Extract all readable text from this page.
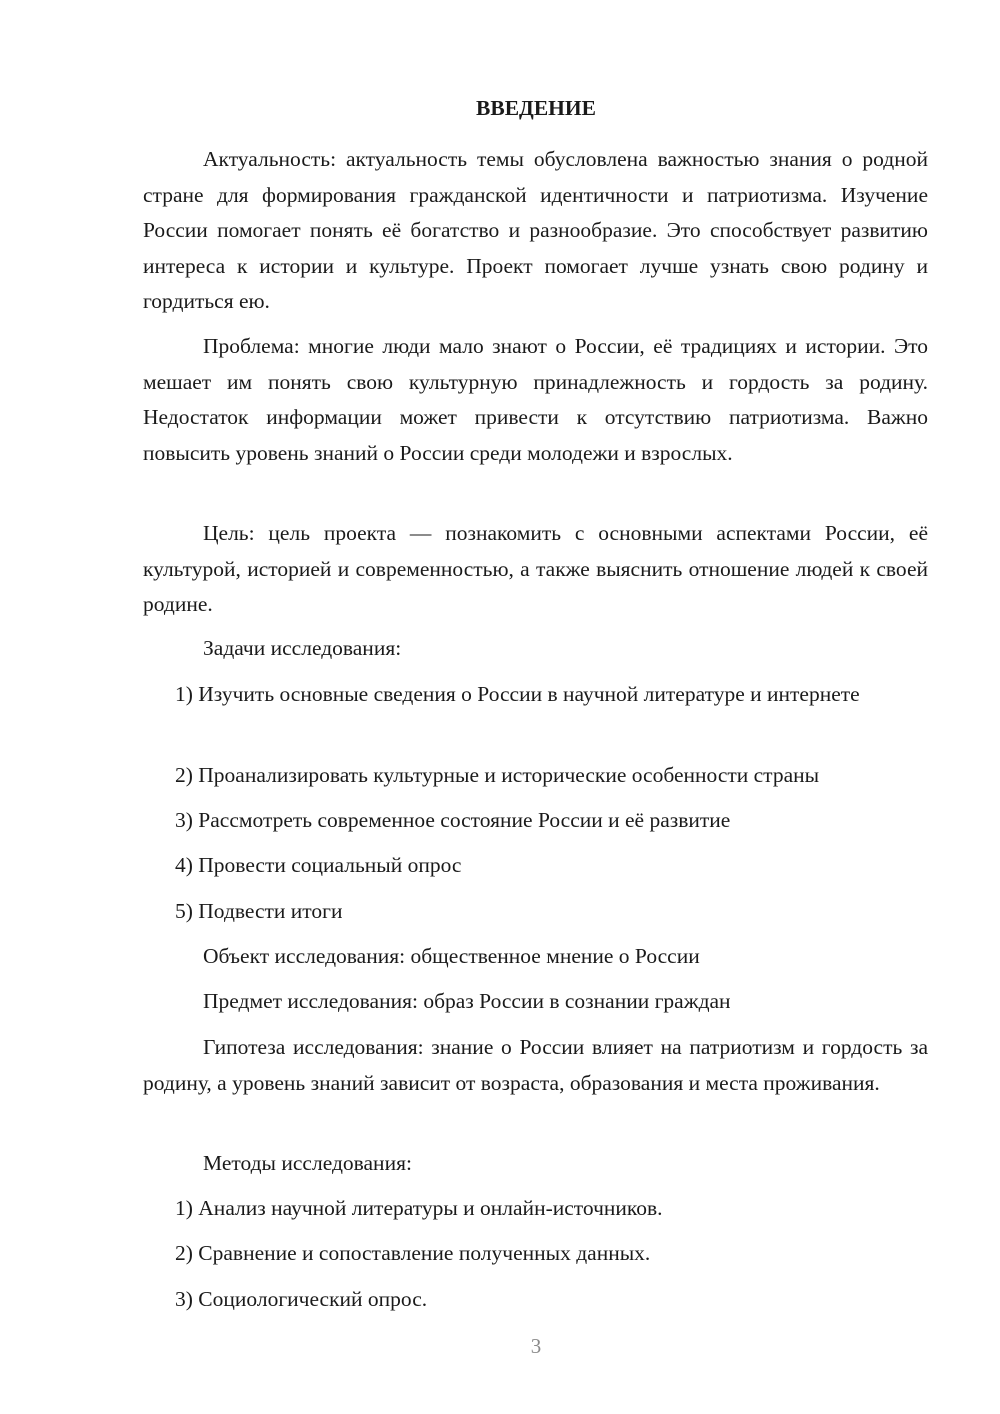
ВВЕДЕНИЕ

Актуальность: актуальность темы обусловлена важностью знания о родной стране для формирования гражданской идентичности и патриотизма. Изучение России помогает понять её богатство и разнообразие. Это способствует развитию интереса к истории и культуре. Проект помогает лучше узнать свою родину и гордиться ею.

Проблема: многие люди мало знают о России, её традициях и истории. Это мешает им понять свою культурную принадлежность и гордость за родину. Недостаток информации может привести к отсутствию патриотизма. Важно повысить уровень знаний о России среди молодежи и взрослых.

Цель: цель проекта — познакомить с основными аспектами России, её культурой, историей и современностью, а также выяснить отношение людей к своей родине.

Задачи исследования:

1) Изучить основные сведения о России в научной литературе и интернете

2) Проанализировать культурные и исторические особенности страны

3) Рассмотреть современное состояние России и её развитие

4) Провести социальный опрос

5) Подвести итоги

Объект исследования: общественное мнение о России

Предмет исследования: образ России в сознании граждан

Гипотеза исследования: знание о России влияет на патриотизм и гордость за родину, а уровень знаний зависит от возраста, образования и места проживания.

Методы исследования:

1) Анализ научной литературы и онлайн-источников.

2) Сравнение и сопоставление полученных данных.

3) Социологический опрос.

3
